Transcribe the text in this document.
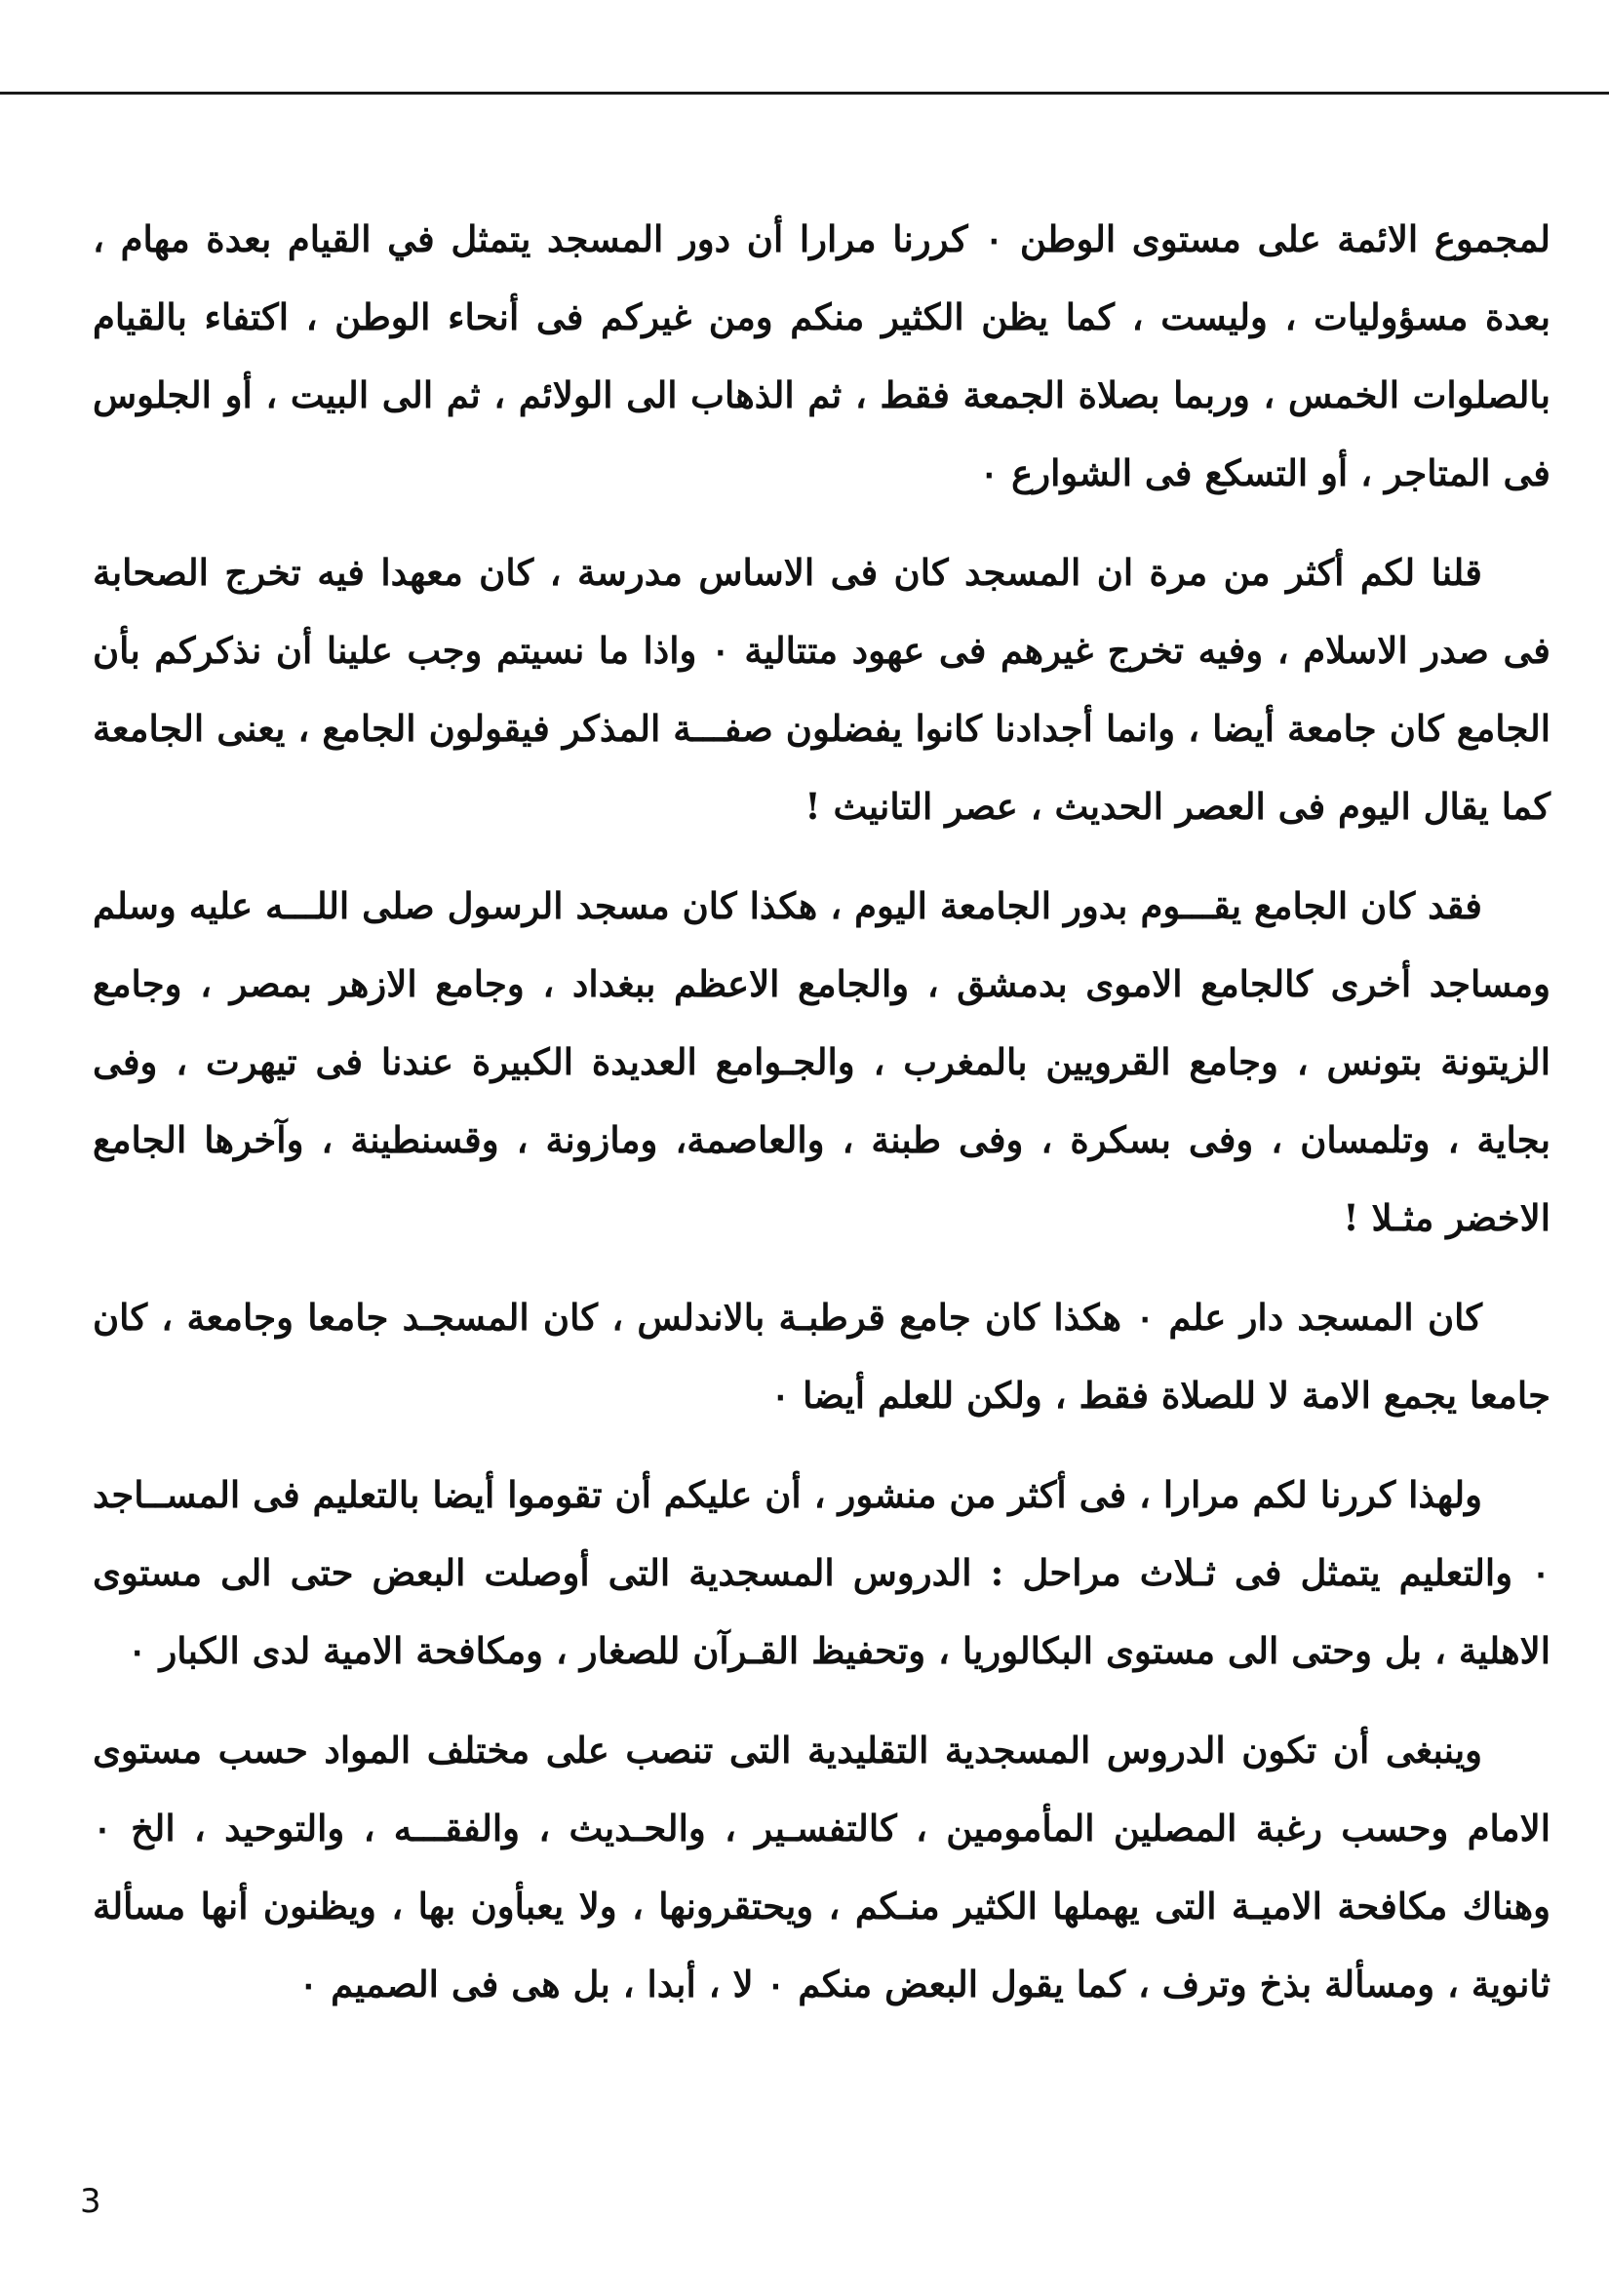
لمجموع الائمة على مستوى الوطن ٠ كررنا مرارا أن دور المسجد يتمثل في القيام بعدة مهام ، بعدة مسؤوليات ، وليست ، كما يظن الكثير منكم ومن غيركم فى أنحاء الوطن ، اكتفاء بالقيام بالصلوات الخمس ، وربما بصلاة الجمعة فقط ، ثم الذهاب الى الولائم ، ثم الى البيت ، أو الجلوس فى المتاجر ، أو التسكع فى الشوارع ٠

قلنا لكم أكثر من مرة ان المسجد كان فى الاساس مدرسة ، كان معهدا فيه تخرج الصحابة فى صدر الاسلام ، وفيه تخرج غيرهم فى عهود متتالية ٠ واذا ما نسيتم وجب علينا أن نذكركم بأن الجامع كان جامعة أيضا ، وانما أجدادنا كانوا يفضلون صفـــة المذكر فيقولون الجامع ، يعنى الجامعة كما يقال اليوم فى العصر الحديث ، عصر التانيث !

فقد كان الجامع يقـــوم بدور الجامعة اليوم ، هكذا كان مسجد الرسول صلى اللـــه عليه وسلم ومساجد أخرى كالجامع الاموى بدمشق ، والجامع الاعظم ببغداد ، وجامع الازهر بمصر ، وجامع الزيتونة بتونس ، وجامع القرويين بالمغرب ، والجـوامع العديدة الكبيرة عندنا فى تيهرت ، وفى بجاية ، وتلمسان ، وفى بسكرة ، وفى طبنة ، والعاصمة، ومازونة ، وقسنطينة ، وآخرها الجامع الاخضر مثـلا !

كان المسجد دار علم ٠ هكذا كان جامع قرطبـة بالاندلس ، كان المسجـد جامعا وجامعة ، كان جامعا يجمع الامة لا للصلاة فقط ، ولكن للعلم أيضا ٠

ولهذا كررنا لكم مرارا ، فى أكثر من منشور ، أن عليكم أن تقوموا أيضا بالتعليم فى المســاجد ٠ والتعليم يتمثل فى ثـلاث مراحل : الدروس المسجدية التى أوصلت البعض حتى الى مستوى الاهلية ، بل وحتى الى مستوى البكالوريا ، وتحفيظ القـرآن للصغار ، ومكافحة الامية لدى الكبار ٠

وينبغى أن تكون الدروس المسجدية التقليدية التى تنصب على مختلف المواد حسب مستوى الامام وحسب رغبة المصلين المأمومين ، كالتفسـير ، والحـديث ، والفقـــه ، والتوحيد ، الخ ٠ وهناك مكافحة الاميـة التى يهملها الكثير منـكم ، ويحتقرونها ، ولا يعبأون بها ، ويظنون أنها مسألة ثانوية ، ومسألة بذخ وترف ، كما يقول البعض منكم ٠ لا ، أبدا ، بل هى فى الصميم ٠

3
